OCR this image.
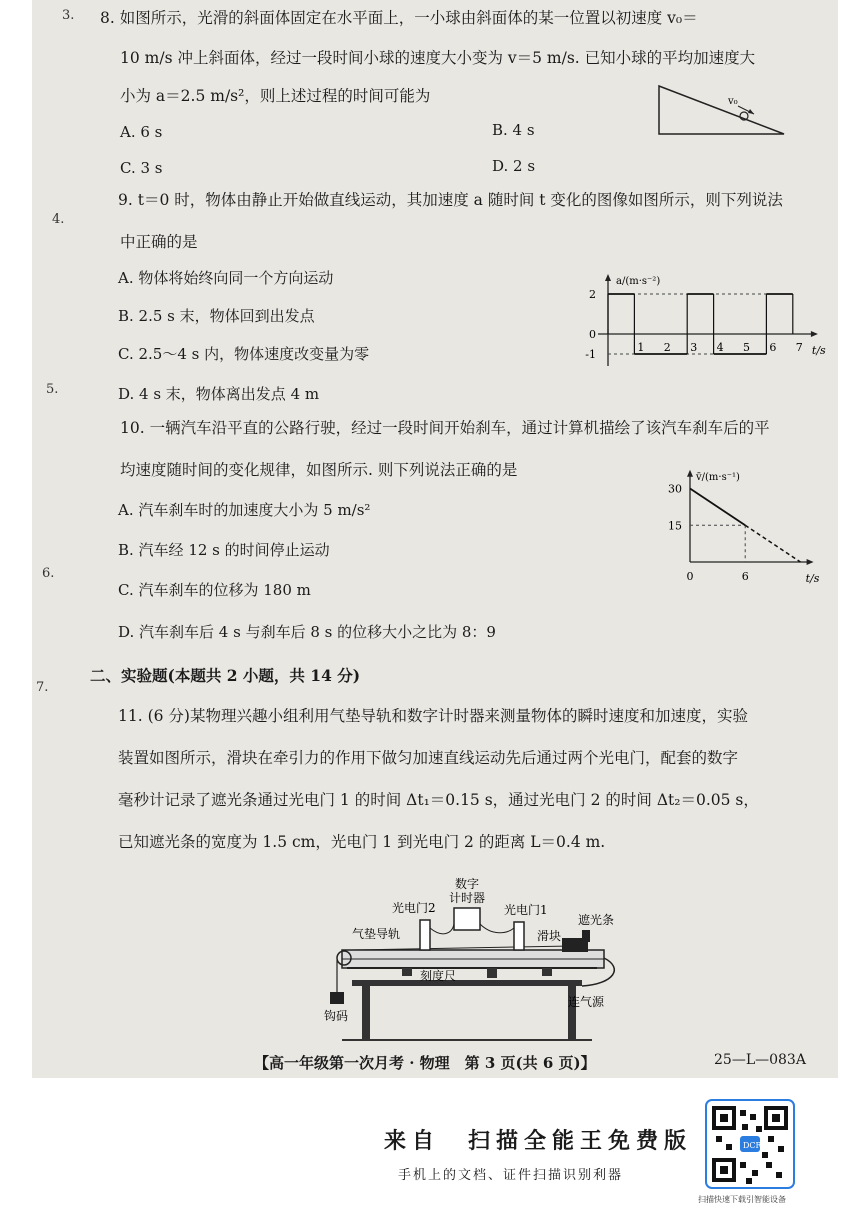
3.
4.
5.
6.
7.
8. 如图所示，光滑的斜面体固定在水平面上，一小球由斜面体的某一位置以初速度 v₀＝
10 m/s 冲上斜面体，经过一段时间小球的速度大小变为 v＝5 m/s. 已知小球的平均加速度大
小为 a＝2.5 m/s²，则上述过程的时间可能为
A. 6 s	B. 4 s
C. 3 s	D. 2 s
v₀
9. t＝0 时，物体由静止开始做直线运动，其加速度 a 随时间 t 变化的图像如图所示，则下列说法
中正确的是
A. 物体将始终向同一个方向运动
B. 2.5 s 末，物体回到出发点
C. 2.5～4 s 内，物体速度改变量为零
D. 4 s 末，物体离出发点 4 m
a/(m·s⁻²)
t/s
-1
0
2
1 2 3 4 5 6 7
10. 一辆汽车沿平直的公路行驶，经过一段时间开始刹车，通过计算机描绘了该汽车刹车后的平
均速度随时间的变化规律，如图所示. 则下列说法正确的是
A. 汽车刹车时的加速度大小为 5 m/s²
B. 汽车经 12 s 的时间停止运动
C. 汽车刹车的位移为 180 m
D. 汽车刹车后 4 s 与刹车后 8 s 的位移大小之比为 8：9
v̄/(m·s⁻¹)
t/s
15
30
0	6
二、实验题(本题共 2 小题，共 14 分)
11. (6 分)某物理兴趣小组利用气垫导轨和数字计时器来测量物体的瞬时速度和加速度，实验
装置如图所示，滑块在牵引力的作用下做匀加速直线运动先后通过两个光电门，配套的数字
毫秒计记录了遮光条通过光电门 1 的时间 Δt₁＝0.15 s，通过光电门 2 的时间 Δt₂＝0.05 s，
已知遮光条的宽度为 1.5 cm，光电门 1 到光电门 2 的距离 L＝0.4 m.
光电门2
数字
计时器
光电门1
遮光条
气垫导轨	滑块
刻度尺
连气源
钩码
【高一年级第一次月考 · 物理　第 3 页(共 6 页)】	25—L—083A
来自　扫描全能王免费版
手机上的文档、证件扫描识别利器
DCR
扫描快速下载引智能设备
